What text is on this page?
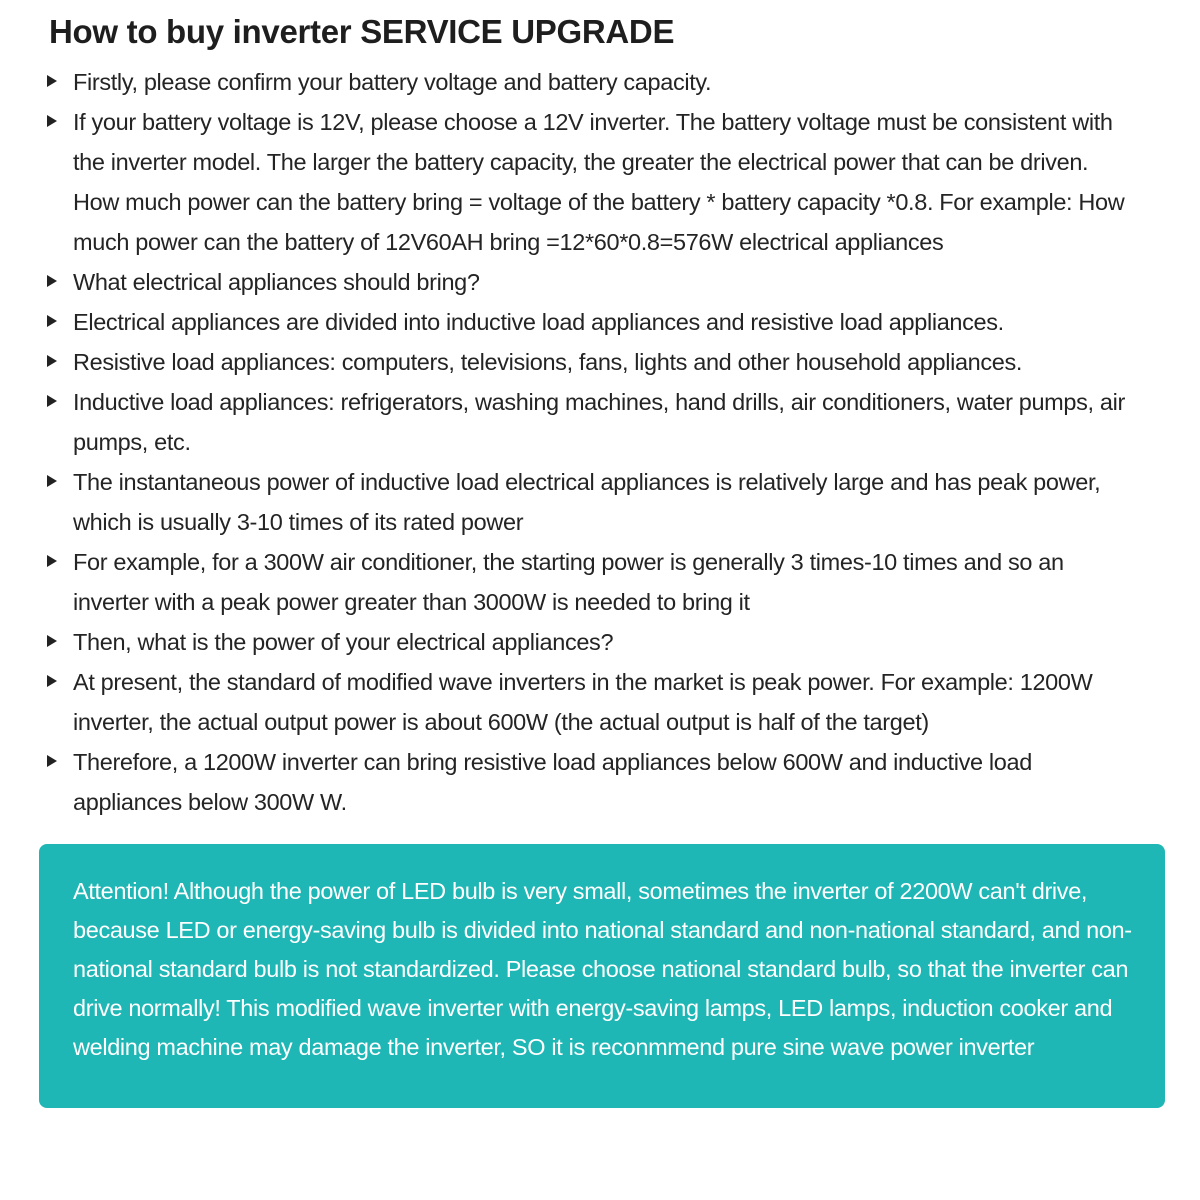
How to buy inverter SERVICE UPGRADE
Firstly, please confirm your battery voltage and battery capacity.
If your battery voltage is 12V, please choose a 12V inverter. The battery voltage must be consistent with the inverter model. The larger the battery capacity, the greater the electrical power that can be driven. How much power can the battery bring = voltage of the battery * battery capacity *0.8. For example: How much power can the battery of 12V60AH bring =12*60*0.8=576W electrical appliances
What electrical appliances should bring?
Electrical appliances are divided into inductive load appliances and resistive load appliances.
Resistive load appliances: computers, televisions, fans, lights and other household appliances.
Inductive load appliances: refrigerators, washing machines, hand drills, air conditioners, water pumps, air pumps, etc.
The instantaneous power of inductive load electrical appliances is relatively large and has peak power, which is usually 3-10 times of its rated power
For example, for a 300W air conditioner, the starting power is generally 3 times-10 times and so an inverter with a peak power greater than 3000W is needed to bring it
Then, what is the power of your electrical appliances?
At present, the standard of modified wave inverters in the market is peak power. For example: 1200W inverter, the actual output power is about 600W (the actual output is half of the target)
Therefore, a 1200W inverter can bring resistive load appliances below 600W and inductive load appliances below 300W W.

Attention! Although the power of LED bulb is very small, sometimes the inverter of 2200W can't drive, because LED or energy-saving bulb is divided into national standard and non-national standard, and non-national standard bulb is not standardized. Please choose national standard bulb, so that the inverter can drive normally! This modified wave inverter with energy-saving lamps, LED lamps, induction cooker and welding machine may damage the inverter, SO it is reconmmend pure sine wave power inverter
